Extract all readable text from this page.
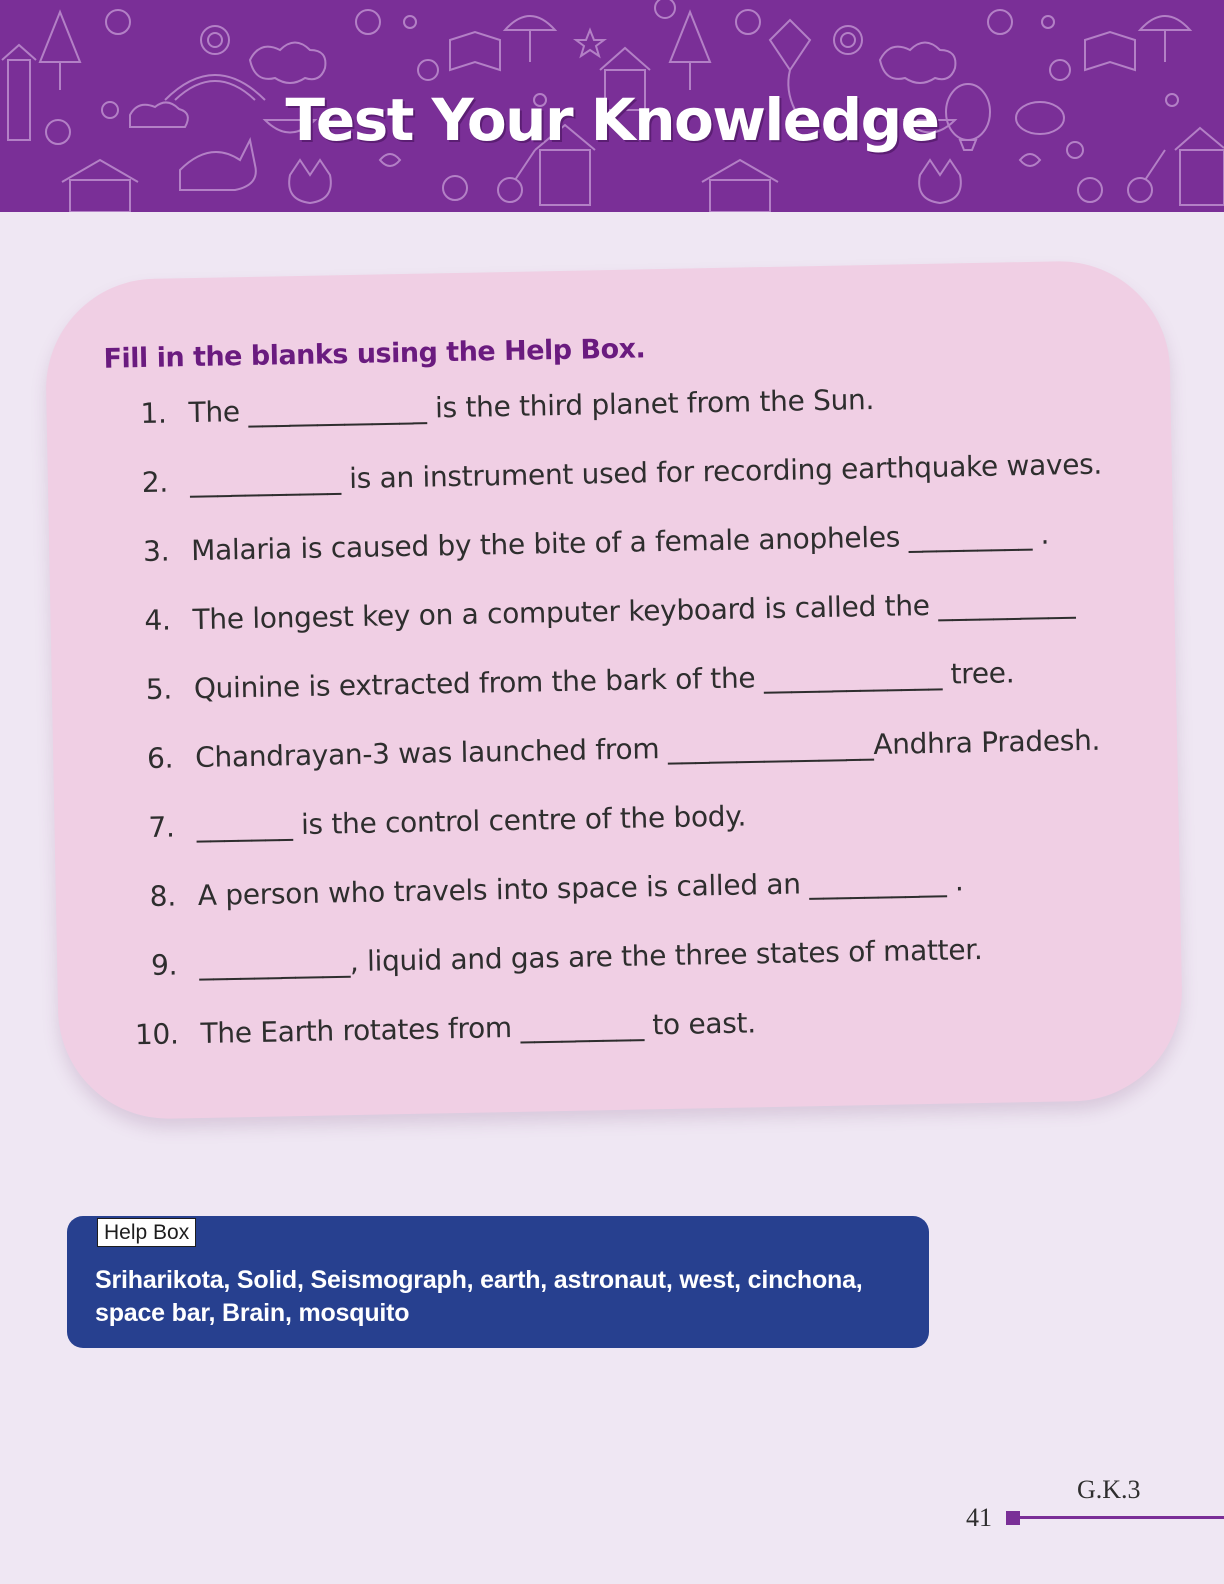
Test Your Knowledge
Fill in the blanks using the Help Box.
1. The _____________ is the third planet from the Sun.
2. ___________ is an instrument used for recording earthquake waves.
3. Malaria is caused by the bite of a female anopheles _________ .
4. The longest key on a computer keyboard is called the __________
5. Quinine is extracted from the bark of the _____________ tree.
6. Chandrayan-3 was launched from _______________Andhra Pradesh.
7. _______ is the control centre of the body.
8. A person who travels into space is called an __________ .
9. ___________, liquid and gas are the three states of matter.
10. The Earth rotates from _________ to east.
Help Box
Sriharikota, Solid, Seismograph, earth, astronaut, west, cinchona, space bar, Brain, mosquito
G.K.3
41
